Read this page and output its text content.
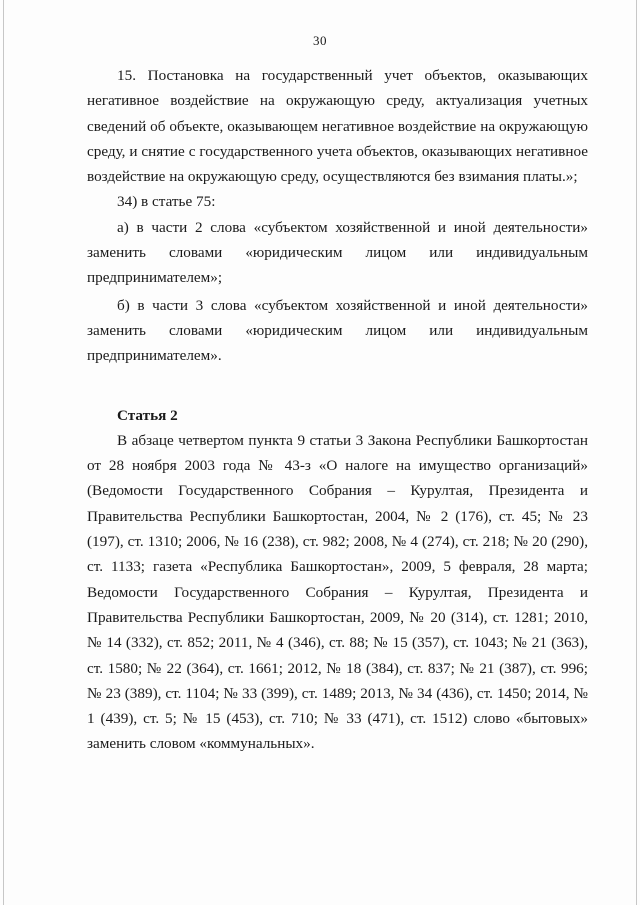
30

15. Постановка на государственный учет объектов, оказывающих негативное воздействие на окружающую среду, актуализация учетных сведений об объекте, оказывающем негативное воздействие на окружающую среду, и снятие с государственного учета объектов, оказывающих негативное воздействие на окружающую среду, осуществляются без взимания платы.»;

34) в статье 75:

а) в части 2 слова «субъектом хозяйственной и иной деятельности» заменить словами «юридическим лицом или индивидуальным предпринимателем»;

б) в части 3 слова «субъектом хозяйственной и иной деятельности» заменить словами «юридическим лицом или индивидуальным предпринимателем».

Статья 2

В абзаце четвертом пункта 9 статьи 3 Закона Республики Башкортостан от 28 ноября 2003 года № 43-з «О налоге на имущество организаций» (Ведомости Государственного Собрания – Курултая, Президента и Правительства Республики Башкортостан, 2004, № 2 (176), ст. 45; № 23 (197), ст. 1310; 2006, № 16 (238), ст. 982; 2008, № 4 (274), ст. 218; № 20 (290), ст. 1133; газета «Республика Башкортостан», 2009, 5 февраля, 28 марта; Ведомости Государственного Собрания – Курултая, Президента и Правительства Республики Башкортостан, 2009, № 20 (314), ст. 1281; 2010, № 14 (332), ст. 852; 2011, № 4 (346), ст. 88; № 15 (357), ст. 1043; № 21 (363), ст. 1580; № 22 (364), ст. 1661; 2012, № 18 (384), ст. 837; № 21 (387), ст. 996; № 23 (389), ст. 1104; № 33 (399), ст. 1489; 2013, № 34 (436), ст. 1450; 2014, № 1 (439), ст. 5; № 15 (453), ст. 710; № 33 (471), ст. 1512) слово «бытовых» заменить словом «коммунальных».
